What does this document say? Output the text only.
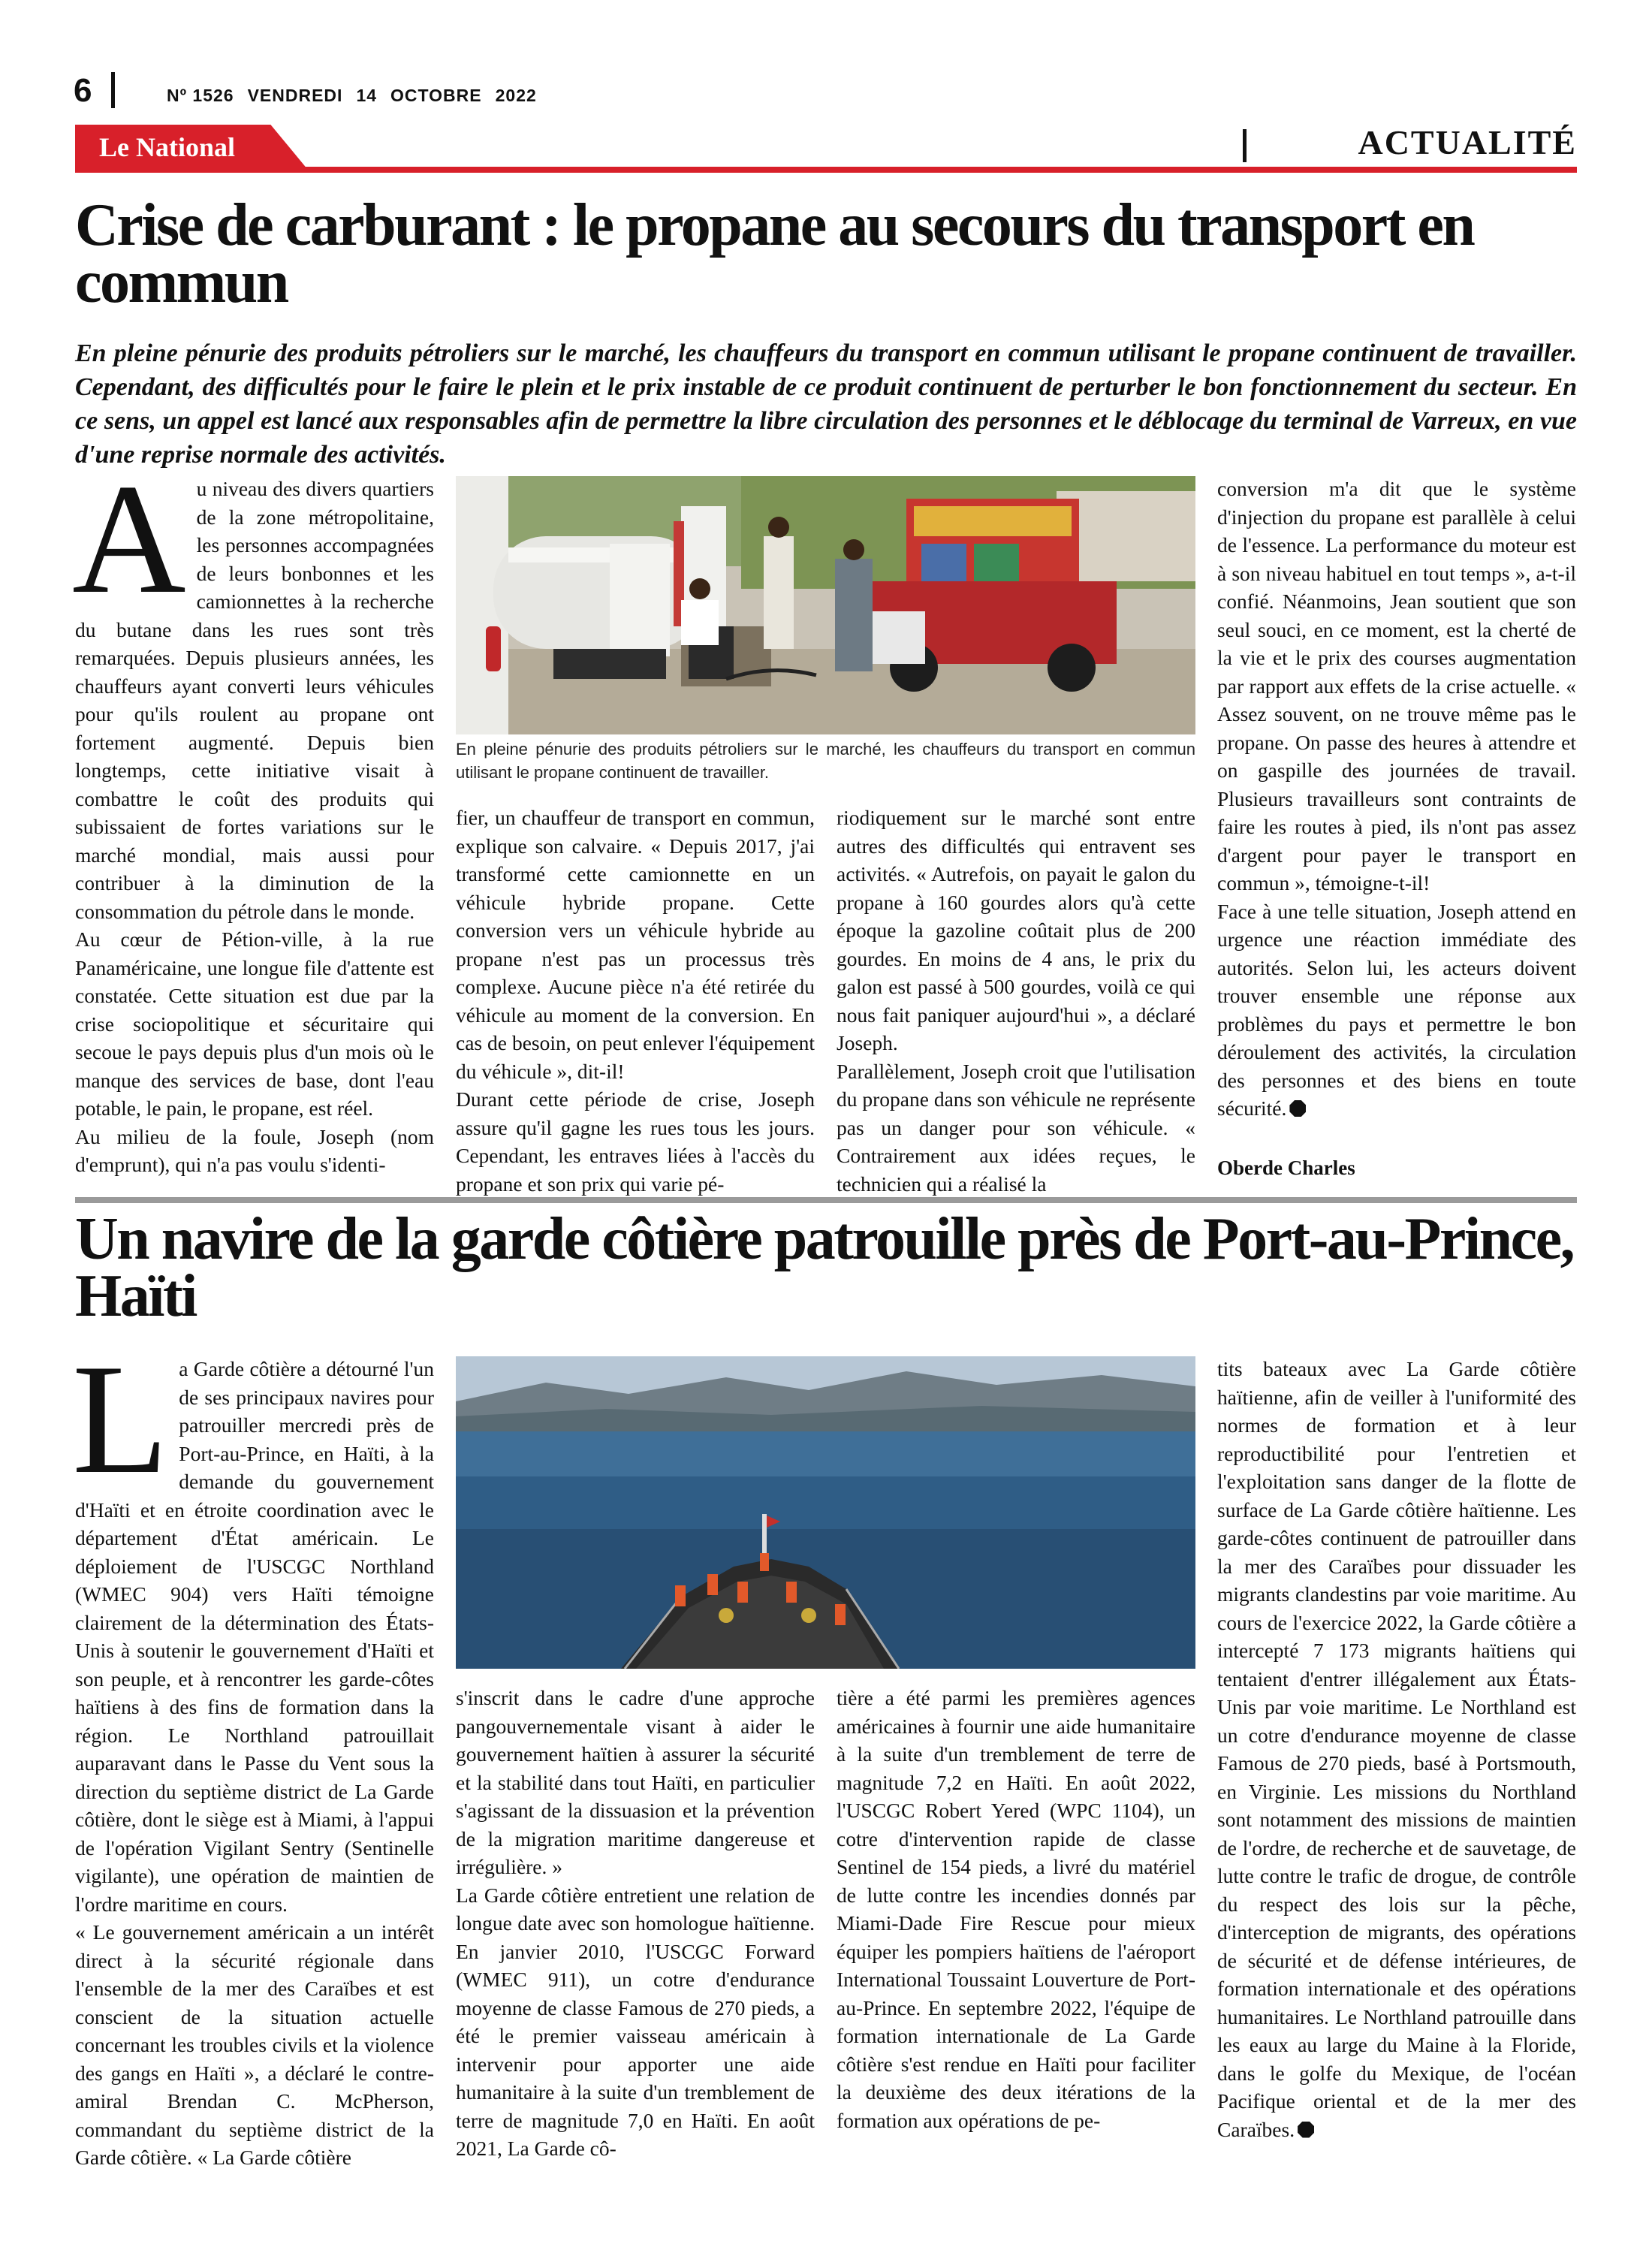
6	Nº 1526 VENDREDI 14 OCTOBRE 2022
Le National	ACTUALITÉ
Crise de carburant : le propane au secours du transport en commun

En pleine pénurie des produits pétroliers sur le marché, les chauffeurs du transport en commun utilisant le propane continuent de travailler. Cependant, des difficultés pour le faire le plein et le prix instable de ce produit continuent de perturber le bon fonctionnement du secteur. En ce sens, un appel est lancé aux responsables afin de permettre la libre circulation des personnes et le déblocage du terminal de Varreux, en vue d'une reprise normale des activités.

Au niveau des divers quartiers de la zone métropolitaine, les personnes accompagnées de leurs bonbonnes et les camionnettes à la recherche du butane dans les rues sont très remarquées. Depuis plusieurs années, les chauffeurs ayant converti leurs véhicules pour qu'ils roulent au propane ont fortement augmenté. Depuis bien longtemps, cette initiative visait à combattre le coût des produits qui subissaient de fortes variations sur le marché mondial, mais aussi pour contribuer à la diminution de la consommation du pétrole dans le monde.

Au cœur de Pétion-ville, à la rue Panaméricaine, une longue file d'attente est constatée. Cette situation est due par la crise sociopolitique et sécuritaire qui secoue le pays depuis plus d'un mois où le manque des services de base, dont l'eau potable, le pain, le propane, est réel.

Au milieu de la foule, Joseph (nom d'emprunt), qui n'a pas voulu s'identi-

En pleine pénurie des produits pétroliers sur le marché, les chauffeurs du transport en commun utilisant le propane continuent de travailler.

fier, un chauffeur de transport en commun, explique son calvaire. « Depuis 2017, j'ai transformé cette camionnette en un véhicule hybride propane. Cette conversion vers un véhicule hybride au propane n'est pas un processus très complexe. Aucune pièce n'a été retirée du véhicule au moment de la conversion. En cas de besoin, on peut enlever l'équipement du véhicule », dit-il!

Durant cette période de crise, Joseph assure qu'il gagne les rues tous les jours. Cependant, les entraves liées à l'accès du propane et son prix qui varie pé-

riodiquement sur le marché sont entre autres des difficultés qui entravent ses activités. « Autrefois, on payait le galon du propane à 160 gourdes alors qu'à cette époque la gazoline coûtait plus de 200 gourdes. En moins de 4 ans, le prix du galon est passé à 500 gourdes, voilà ce qui nous fait paniquer aujourd'hui », a déclaré Joseph.

Parallèlement, Joseph croit que l'utilisation du propane dans son véhicule ne représente pas un danger pour son véhicule. « Contrairement aux idées reçues, le technicien qui a réalisé la

conversion m'a dit que le système d'injection du propane est parallèle à celui de l'essence. La performance du moteur est à son niveau habituel en tout temps », a-t-il confié. Néanmoins, Jean soutient que son seul souci, en ce moment, est la cherté de la vie et le prix des courses augmentation par rapport aux effets de la crise actuelle. « Assez souvent, on ne trouve même pas le propane. On passe des heures à attendre et on gaspille des journées de travail. Plusieurs travailleurs sont contraints de faire les routes à pied, ils n'ont pas assez d'argent pour payer le transport en commun », témoigne-t-il!

Face à une telle situation, Joseph attend en urgence une réaction immédiate des autorités. Selon lui, les acteurs doivent trouver ensemble une réponse aux problèmes du pays et permettre le bon déroulement des activités, la circulation des personnes et des biens en toute sécurité.

Oberde Charles
Un navire de la garde côtière patrouille près de Port-au-Prince, Haïti

La Garde côtière a détourné l'un de ses principaux navires pour patrouiller mercredi près de Port-au-Prince, en Haïti, à la demande du gouvernement d'Haïti et en étroite coordination avec le département d'État américain. Le déploiement de l'USCGC Northland (WMEC 904) vers Haïti témoigne clairement de la détermination des États-Unis à soutenir le gouvernement d'Haïti et son peuple, et à rencontrer les garde-côtes haïtiens à des fins de formation dans la région. Le Northland patrouillait auparavant dans le Passe du Vent sous la direction du septième district de La Garde côtière, dont le siège est à Miami, à l'appui de l'opération Vigilant Sentry (Sentinelle vigilante), une opération de maintien de l'ordre maritime en cours.

« Le gouvernement américain a un intérêt direct à la sécurité régionale dans l'ensemble de la mer des Caraïbes et est conscient de la situation actuelle concernant les troubles civils et la violence des gangs en Haïti », a déclaré le contre-amiral Brendan C. McPherson, commandant du septième district de la Garde côtière. « La Garde côtière

s'inscrit dans le cadre d'une approche pangouvernementale visant à aider le gouvernement haïtien à assurer la sécurité et la stabilité dans tout Haïti, en particulier s'agissant de la dissuasion et la prévention de la migration maritime dangereuse et irrégulière. »

La Garde côtière entretient une relation de longue date avec son homologue haïtienne. En janvier 2010, l'USCGC Forward (WMEC 911), un cotre d'endurance moyenne de classe Famous de 270 pieds, a été le premier vaisseau américain à intervenir pour apporter une aide humanitaire à la suite d'un tremblement de terre de magnitude 7,0 en Haïti. En août 2021, La Garde cô-

tière a été parmi les premières agences américaines à fournir une aide humanitaire à la suite d'un tremblement de terre de magnitude 7,2 en Haïti. En août 2022, l'USCGC Robert Yered (WPC 1104), un cotre d'intervention rapide de classe Sentinel de 154 pieds, a livré du matériel de lutte contre les incendies donnés par Miami-Dade Fire Rescue pour mieux équiper les pompiers haïtiens de l'aéroport International Toussaint Louverture de Port-au-Prince. En septembre 2022, l'équipe de formation internationale de La Garde côtière s'est rendue en Haïti pour faciliter la deuxième des deux itérations de la formation aux opérations de pe-

tits bateaux avec La Garde côtière haïtienne, afin de veiller à l'uniformité des normes de formation et à leur reproductibilité pour l'entretien et l'exploitation sans danger de la flotte de surface de La Garde côtière haïtienne. Les garde-côtes continuent de patrouiller dans la mer des Caraïbes pour dissuader les migrants clandestins par voie maritime. Au cours de l'exercice 2022, la Garde côtière a intercepté 7 173 migrants haïtiens qui tentaient d'entrer illégalement aux États-Unis par voie maritime. Le Northland est un cotre d'endurance moyenne de classe Famous de 270 pieds, basé à Portsmouth, en Virginie. Les missions du Northland sont notamment des missions de maintien de l'ordre, de recherche et de sauvetage, de lutte contre le trafic de drogue, de contrôle du respect des lois sur la pêche, d'interception de migrants, des opérations de sécurité et de défense intérieures, de formation internationale et des opérations humanitaires. Le Northland patrouille dans les eaux au large du Maine à la Floride, dans le golfe du Mexique, de l'océan Pacifique oriental et de la mer des Caraïbes.
